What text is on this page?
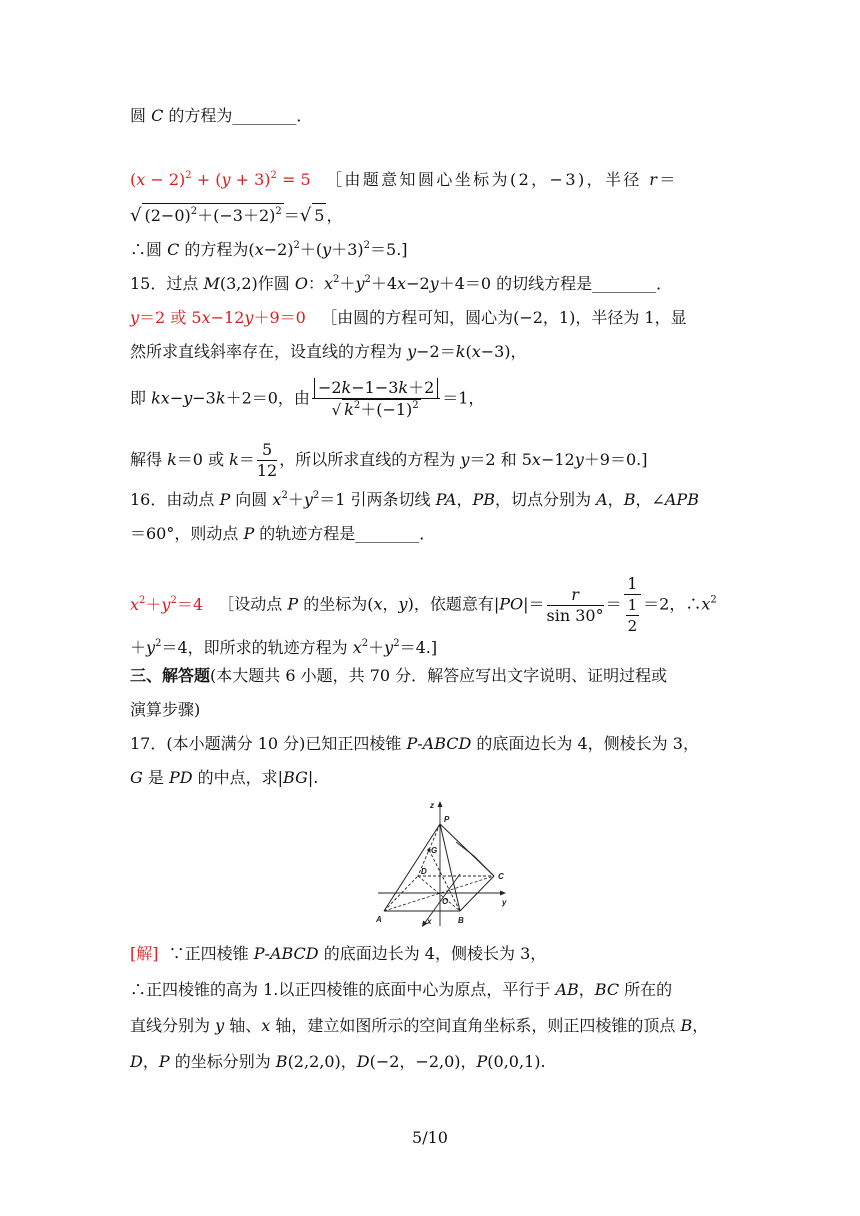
圆 C 的方程为________．
$(x - 2)^2 + (y + 3)^2 = 5$ ［由题意知圆心坐标为(2，−3)，半径 r＝
√ $(2-0)^2+(-3+2)^2$ ＝√ 5 ，
∴圆 C 的方程为$(x-2)^2+(y+3)^2=5$.]
15．过点 M(3,2)作圆 O：$x^2+y^2+4x-2y+4=0$ 的切线方程是________．
y＝2 或 5x−12y＋9＝0 ［由圆的方程可知，圆心为(−2，1)，半径为 1，显
然所求直线斜率存在，设直线的方程为 y−2＝k(x−3)，
即 kx−y−3k＋2＝0，由 $\frac{-2k-1-3k+2}{√ k^2+(-1)^2} =1$，
解得 k＝0 或 $k= \frac{5}{12}$ ，所以所求直线的方程为 y＝2 和 5x−12y＋9＝0.]
16．由动点 P 向圆 $x^2+y^2=1$ 引两条切线 PA，PB，切点分别为 A，B，∠APB
＝60°，则动点 P 的轨迹方程是________．
$x^2+y^2=4$   ［设动点 P 的坐标为(x，y)，依题意有$|PO|= \frac{r}{\sin 30^\circ} = \frac{1}{\frac{1}{2}} =2$，$\therefore x^2$
$+y^2=4$，即所求的轨迹方程为 $x^2+y^2=4$.]
三、解答题(本大题共 6 小题，共 70 分．解答应写出文字说明、证明过程或
演算步骤)
17．(本小题满分 10 分)已知正四棱锥 P-ABCD 的底面边长为 4，侧棱长为 3，
G 是 PD 的中点，求|BG|.
z
P
G
D
C
O	y
A	x	B
[解]  ∵正四棱锥 P-ABCD 的底面边长为 4，侧棱长为 3，
∴正四棱锥的高为 1.以正四棱锥的底面中心为原点，平行于 AB，BC 所在的
直线分别为 y 轴、x 轴，建立如图所示的空间直角坐标系，则正四棱锥的顶点 B，
D，P 的坐标分别为 B(2,2,0)，D(−2，−2,0)，P(0,0,1).
5/10
